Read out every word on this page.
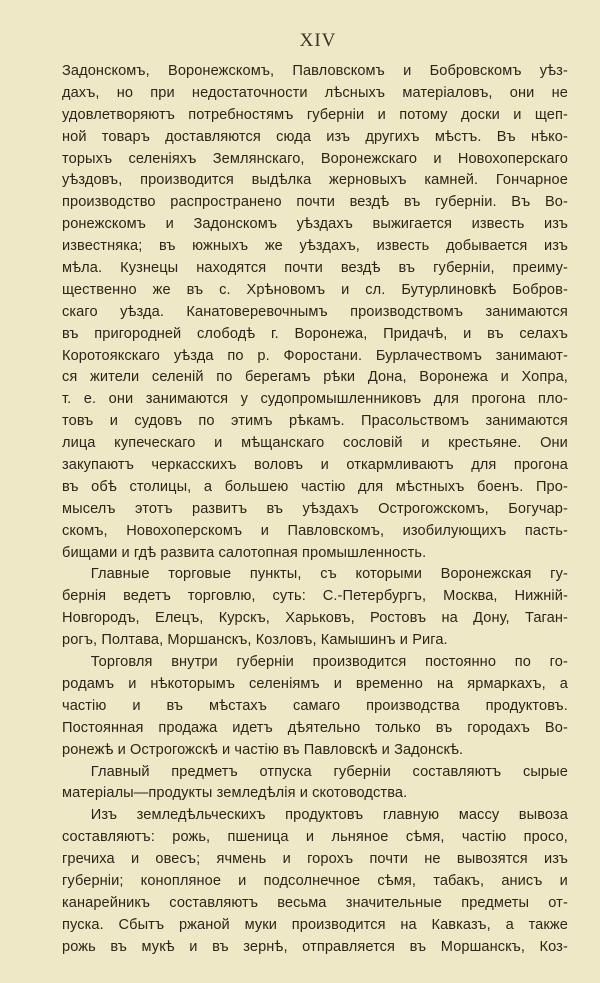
XIV
Задонскомъ, Воронежскомъ, Павловскомъ и Бобровскомъ уѣз-
дахъ, но при недостаточности лѣсныхъ матеріаловъ, они не
удовлетворяютъ потребностямъ губерніи и потому доски и щеп-
ной товаръ доставляются сюда изъ другихъ мѣстъ. Въ нѣко-
торыхъ селеніяхъ Землянскаго, Воронежскаго и Новохоперскаго
уѣздовъ, производится выдѣлка жерновыхъ камней. Гончарное
производство распространено почти вездѣ въ губерніи. Въ Во-
ронежскомъ и Задонскомъ уѣздахъ выжигается известь изъ
известняка; въ южныхъ же уѣздахъ, известь добывается изъ
мѣла. Кузнецы находятся почти вездѣ въ губерніи, преиму-
щественно же въ с. Хрѣновомъ и сл. Бутурлиновкѣ Бобров-
скаго уѣзда. Канатоверевочнымъ производствомъ занимаются
въ пригородней слободѣ г. Воронежа, Придачѣ, и въ селахъ
Коротоякскаго уѣзда по р. Форостани. Бурлачествомъ занимают-
ся жители селеній по берегамъ рѣки Дона, Воронежа и Хопра,
т. е. они занимаются у судопромышленниковъ для прогона пло-
товъ и судовъ по этимъ рѣкамъ. Прасольствомъ занимаются
лица купеческаго и мѣщанскаго сословій и крестьяне. Они
закупаютъ черкасскихъ воловъ и откармливаютъ для прогона
въ обѣ столицы, а большею частію для мѣстныхъ боенъ. Про-
мыселъ этотъ развитъ въ уѣздахъ Острогожскомъ, Богучар-
скомъ, Новохоперскомъ и Павловскомъ, изобилующихъ пасть-
бищами и гдѣ развита салотопная промышленность.
Главные торговые пункты, съ которыми Воронежская гу-
бернія ведетъ торговлю, суть: С.-Петербургъ, Москва, Нижній-
Новгородъ, Елецъ, Курскъ, Харьковъ, Ростовъ на Дону, Таган-
рогъ, Полтава, Моршанскъ, Козловъ, Камышинъ и Рига.
Торговля внутри губерніи производится постоянно по го-
родамъ и нѣкоторымъ селеніямъ и временно на ярмаркахъ, а
частію и въ мѣстахъ самаго производства продуктовъ.
Постоянная продажа идетъ дѣятельно только въ городахъ Во-
ронежѣ и Острогожскѣ и частію въ Павловскѣ и Задонскѣ.
Главный предметъ отпуска губерніи составляютъ сырые
матеріалы—продукты земледѣлія и скотоводства.
Изъ земледѣльческихъ продуктовъ главную массу вывоза
составляютъ: рожь, пшеница и льняное сѣмя, частію просо,
гречиха и овесъ; ячмень и горохъ почти не вывозятся изъ
губерніи; конопляное и подсолнечное сѣмя, табакъ, анисъ и
канарейникъ составляютъ весьма значительные предметы от-
пуска. Сбытъ ржаной муки производится на Кавказъ, а также
рожь въ мукѣ и въ зернѣ, отправляется въ Моршанскъ, Коз-
